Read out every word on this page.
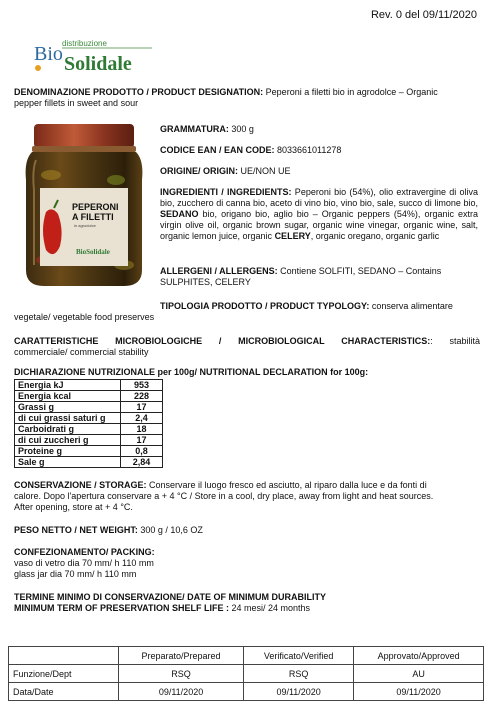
Rev. 0 del 09/11/2020
distribuzione
Bio Solidale
DENOMINAZIONE PRODOTTO / PRODUCT DESIGNATION: Peperoni a filetti bio in agrodolce – Organic
pepper fillets in sweet and sour
PEPERONI
A FILETTI
in agrodolce
BioSolidale
GRAMMATURA: 300 g
CODICE EAN / EAN CODE: 8033661011278
ORIGINE/ ORIGIN: UE/NON UE
INGREDIENTI / INGREDIENTS: Peperoni bio (54%), olio extravergine di oliva bio, zucchero di canna bio, aceto di vino bio, vino bio, sale, succo di limone bio, SEDANO bio, origano bio, aglio bio – Organic peppers (54%), organic extra virgin olive oil, organic brown sugar, organic wine vinegar, organic wine, salt, organic lemon juice, organic CELERY, organic oregano, organic garlic
ALLERGENI / ALLERGENS: Contiene SOLFITI, SEDANO – Contains
SULPHITES, CELERY
TIPOLOGIA PRODOTTO / PRODUCT TYPOLOGY: conserva alimentare
vegetale/ vegetable food preserves
CARATTERISTICHE MICROBIOLOGICHE / MICROBIOLOGICAL CHARACTERISTICS:: stabilità
commerciale/ commercial stability
DICHIARAZIONE NUTRIZIONALE per 100g/ NUTRITIONAL DECLARATION for 100g:
Energia kJ	953
Energia kcal	228
Grassi g	17
di cui grassi saturi g	2,4
Carboidrati g	18
di cui zuccheri g	17
Proteine g	0,8
Sale g	2,84
CONSERVAZIONE / STORAGE: Conservare il luogo fresco ed asciutto, al riparo dalla luce e da fonti di
calore. Dopo l'apertura conservare a + 4 °C / Store in a cool, dry place, away from light and heat sources.
After opening, store at + 4 °C.
PESO NETTO / NET WEIGHT: 300 g / 10,6 OZ
CONFEZIONAMENTO/ PACKING:
vaso di vetro dia 70 mm/ h 110 mm
glass jar dia 70 mm/ h 110 mm
TERMINE MINIMO DI CONSERVAZIONE/ DATE OF MINIMUM DURABILITY
MINIMUM TERM OF PRESERVATION SHELF LIFE : 24 mesi/ 24 months
	Preparato/Prepared	Verificato/Verified	Approvato/Approved
Funzione/Dept	RSQ	RSQ	AU
Data/Date	09/11/2020	09/11/2020	09/11/2020
